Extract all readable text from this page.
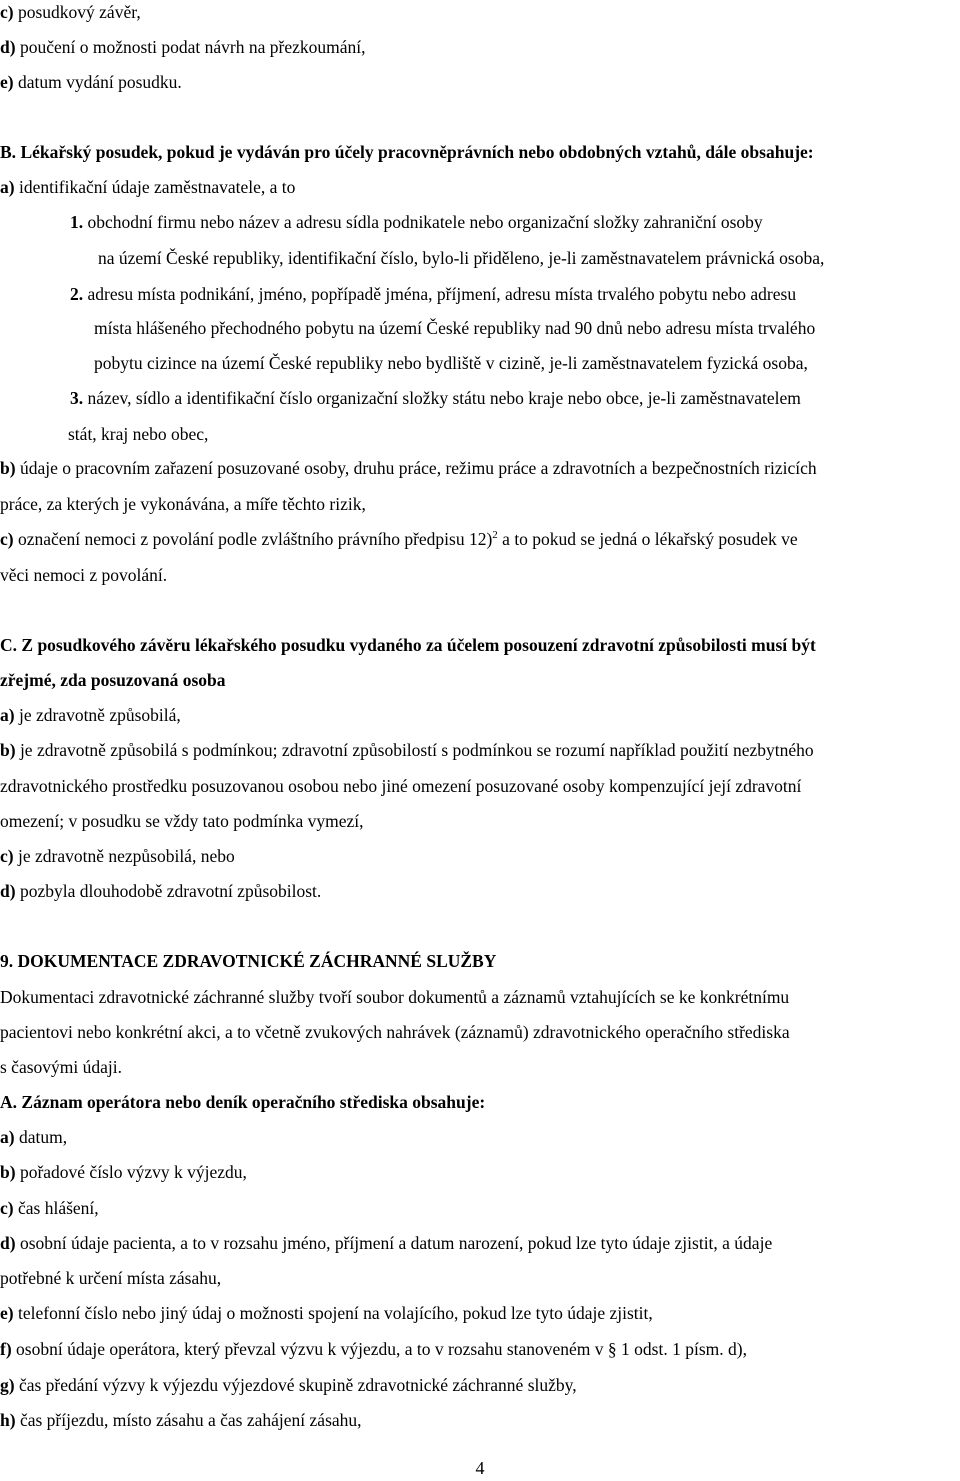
c) posudkový závěr,
d) poučení o možnosti podat návrh na přezkoumání,
e) datum vydání posudku.
B. Lékařský posudek, pokud je vydáván pro účely pracovněprávních nebo obdobných vztahů, dále obsahuje:
a) identifikační údaje zaměstnavatele, a to
1. obchodní firmu nebo název a adresu sídla podnikatele nebo organizační složky zahraniční osoby
na území České republiky, identifikační číslo, bylo-li přiděleno, je-li zaměstnavatelem právnická osoba,
2. adresu místa podnikání, jméno, popřípadě jména, příjmení, adresu místa trvalého pobytu nebo adresu
místa hlášeného přechodného pobytu na území České republiky nad 90 dnů nebo adresu místa trvalého
pobytu cizince na území České republiky nebo bydliště v cizině, je-li zaměstnavatelem fyzická osoba,
3. název, sídlo a identifikační číslo organizační složky státu nebo kraje nebo obce, je-li zaměstnavatelem
stát, kraj nebo obec,
b) údaje o pracovním zařazení posuzované osoby, druhu práce, režimu práce a zdravotních a bezpečnostních rizicích
práce, za kterých je vykonávána, a míře těchto rizik,
c) označení nemoci z povolání podle zvláštního právního předpisu 12)$^2$ a to pokud se jedná o lékařský posudek ve
věci nemoci z povolání.
C. Z posudkového závěru lékařského posudku vydaného za účelem posouzení zdravotní způsobilosti musí být
zřejmé, zda posuzovaná osoba
a) je zdravotně způsobilá,
b) je zdravotně způsobilá s podmínkou; zdravotní způsobilostí s podmínkou se rozumí například použití nezbytného
zdravotnického prostředku posuzovanou osobou nebo jiné omezení posuzované osoby kompenzující její zdravotní
omezení; v posudku se vždy tato podmínka vymezí,
c) je zdravotně nezpůsobilá, nebo
d) pozbyla dlouhodobě zdravotní způsobilost.
9. DOKUMENTACE ZDRAVOTNICKÉ ZÁCHRANNÉ SLUŽBY
Dokumentaci zdravotnické záchranné služby tvoří soubor dokumentů a záznamů vztahujících se ke konkrétnímu
pacientovi nebo konkrétní akci, a to včetně zvukových nahrávek (záznamů) zdravotnického operačního střediska
s časovými údaji.
A. Záznam operátora nebo deník operačního střediska obsahuje:
a) datum,
b) pořadové číslo výzvy k výjezdu,
c) čas hlášení,
d) osobní údaje pacienta, a to v rozsahu jméno, příjmení a datum narození, pokud lze tyto údaje zjistit, a údaje
potřebné k určení místa zásahu,
e) telefonní číslo nebo jiný údaj o možnosti spojení na volajícího, pokud lze tyto údaje zjistit,
f) osobní údaje operátora, který převzal výzvu k výjezdu, a to v rozsahu stanoveném v § 1 odst. 1 písm. d),
g) čas předání výzvy k výjezdu výjezdové skupině zdravotnické záchranné služby,
h) čas příjezdu, místo zásahu a čas zahájení zásahu,
4
